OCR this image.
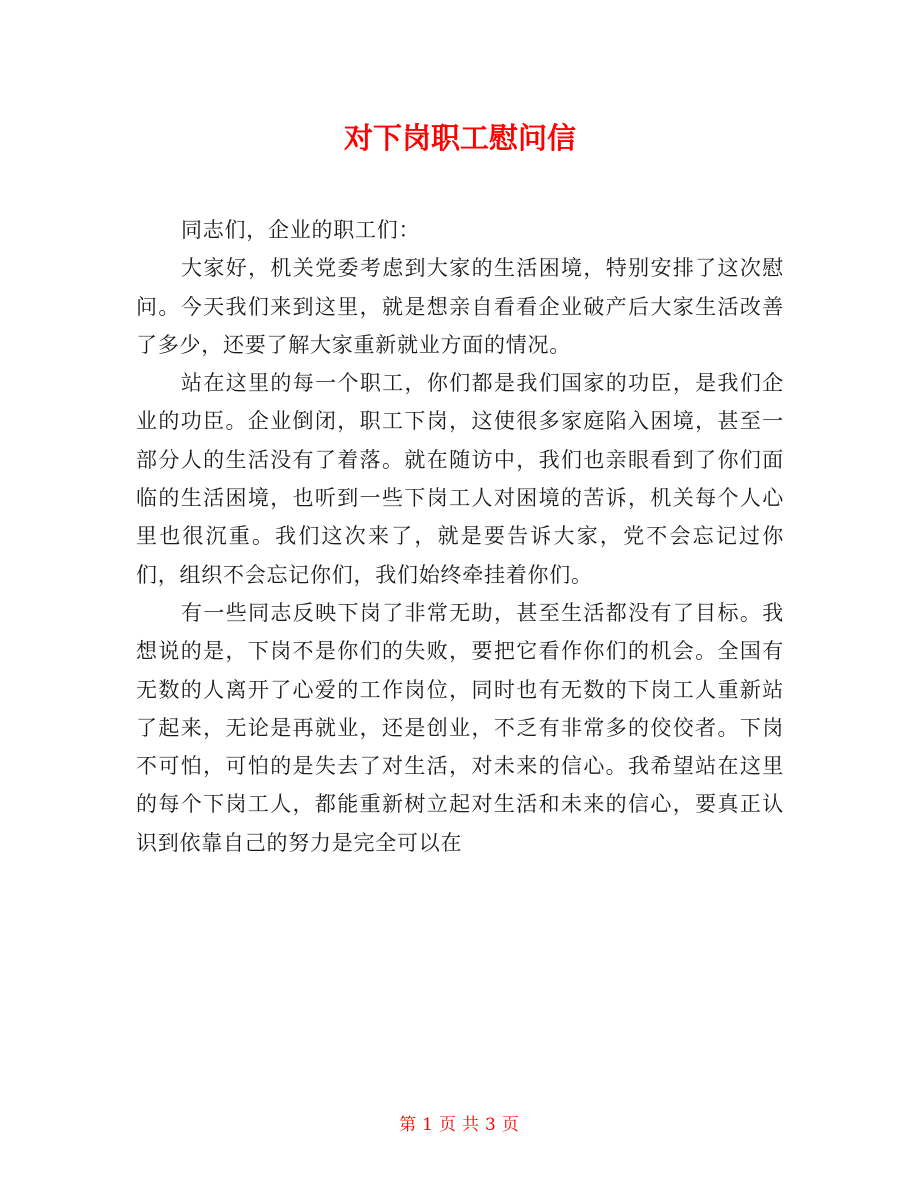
对下岗职工慰问信

同志们，企业的职工们：

大家好，机关党委考虑到大家的生活困境，特别安排了这次慰问。今天我们来到这里，就是想亲自看看企业破产后大家生活改善了多少，还要了解大家重新就业方面的情况。

站在这里的每一个职工，你们都是我们国家的功臣，是我们企业的功臣。企业倒闭，职工下岗，这使很多家庭陷入困境，甚至一部分人的生活没有了着落。就在随访中，我们也亲眼看到了你们面临的生活困境，也听到一些下岗工人对困境的苦诉，机关每个人心里也很沉重。我们这次来了，就是要告诉大家，党不会忘记过你们，组织不会忘记你们，我们始终牵挂着你们。

有一些同志反映下岗了非常无助，甚至生活都没有了目标。我想说的是，下岗不是你们的失败，要把它看作你们的机会。全国有无数的人离开了心爱的工作岗位，同时也有无数的下岗工人重新站了起来，无论是再就业，还是创业，不乏有非常多的佼佼者。下岗不可怕，可怕的是失去了对生活，对未来的信心。我希望站在这里的每个下岗工人，都能重新树立起对生活和未来的信心，要真正认识到依靠自己的努力是完全可以在

第 1 页 共 3 页
